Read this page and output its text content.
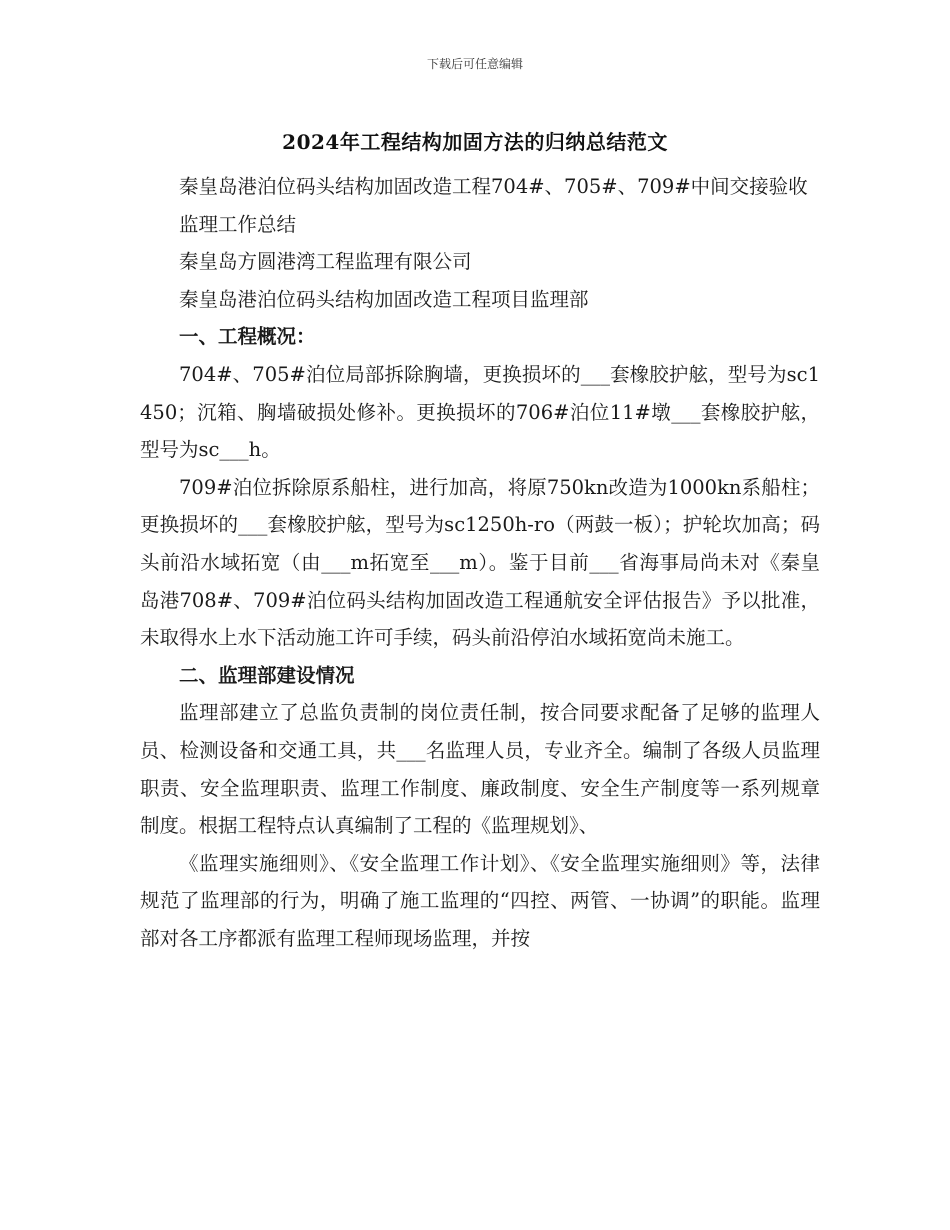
下载后可任意编辑
2024年工程结构加固方法的归纳总结范文

秦皇岛港泊位码头结构加固改造工程704#、705#、709#中间交接验收

监理工作总结

秦皇岛方圆港湾工程监理有限公司

秦皇岛港泊位码头结构加固改造工程项目监理部

一、工程概况：

704#、705#泊位局部拆除胸墙，更换损坏的___套橡胶护舷，型号为sc1450；沉箱、胸墙破损处修补。更换损坏的706#泊位11#墩___套橡胶护舷，型号为sc___h。

709#泊位拆除原系船柱，进行加高，将原750kn改造为1000kn系船柱；更换损坏的___套橡胶护舷，型号为sc1250h-ro（两鼓一板）；护轮坎加高；码头前沿水域拓宽（由___m拓宽至___m）。鉴于目前___省海事局尚未对《秦皇岛港708#、709#泊位码头结构加固改造工程通航安全评估报告》予以批准，未取得水上水下活动施工许可手续，码头前沿停泊水域拓宽尚未施工。

二、监理部建设情况

监理部建立了总监负责制的岗位责任制，按合同要求配备了足够的监理人员、检测设备和交通工具，共___名监理人员，专业齐全。编制了各级人员监理职责、安全监理职责、监理工作制度、廉政制度、安全生产制度等一系列规章制度。根据工程特点认真编制了工程的《监理规划》、

《监理实施细则》、《安全监理工作计划》、《安全监理实施细则》等，法律规范了监理部的行为，明确了施工监理的“四控、两管、一协调”的职能。监理部对各工序都派有监理工程师现场监理，并按
